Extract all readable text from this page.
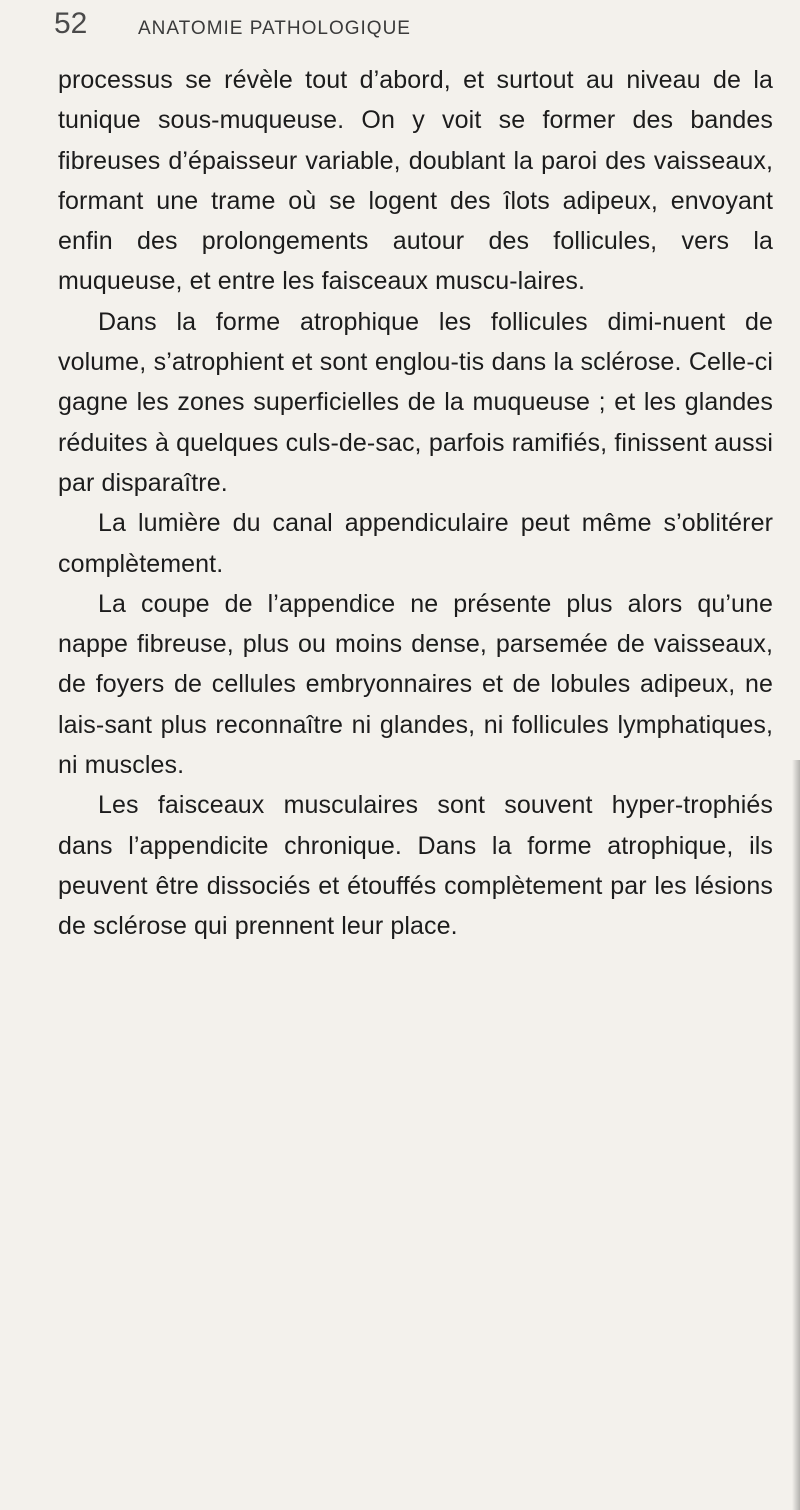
52	ANATOMIE PATHOLOGIQUE

processus se révèle tout d’abord, et surtout au niveau de la tunique sous-muqueuse. On y voit se former des bandes fibreuses d’épaisseur variable, doublant la paroi des vaisseaux, formant une trame où se logent des îlots adipeux, envoyant enfin des prolongements autour des follicules, vers la muqueuse, et entre les faisceaux muscu-laires.

Dans la forme atrophique les follicules dimi-nuent de volume, s’atrophient et sont englou-tis dans la sclérose. Celle-ci gagne les zones superficielles de la muqueuse ; et les glandes réduites à quelques culs-de-sac, parfois ramifiés, finissent aussi par disparaître.

La lumière du canal appendiculaire peut même s’oblitérer complètement.

La coupe de l’appendice ne présente plus alors qu’une nappe fibreuse, plus ou moins dense, parsemée de vaisseaux, de foyers de cellules embryonnaires et de lobules adipeux, ne lais-sant plus reconnaître ni glandes, ni follicules lymphatiques, ni muscles.

Les faisceaux musculaires sont souvent hyper-trophiés dans l’appendicite chronique. Dans la forme atrophique, ils peuvent être dissociés et étouffés complètement par les lésions de sclérose qui prennent leur place.
